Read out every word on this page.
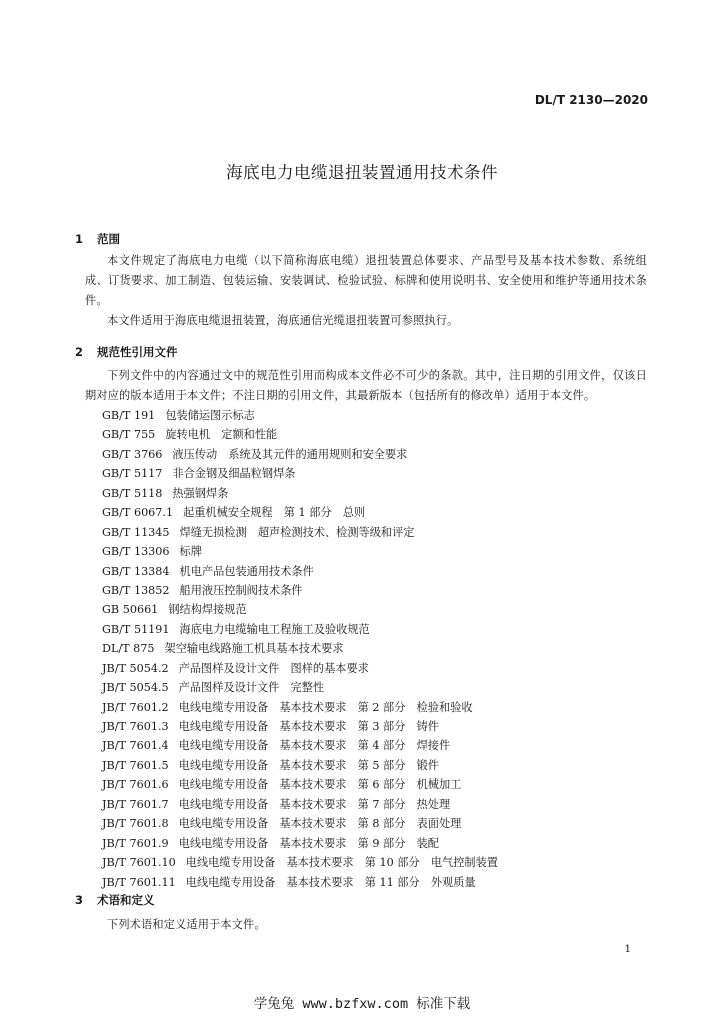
DL/T 2130—2020
海底电力电缆退扭装置通用技术条件
1 范围
本文件规定了海底电力电缆（以下简称海底电缆）退扭装置总体要求、产品型号及基本技术参数、系统组成、订货要求、加工制造、包装运输、安装调试、检验试验、标牌和使用说明书、安全使用和维护等通用技术条件。
本文件适用于海底电缆退扭装置，海底通信光缆退扭装置可参照执行。
2 规范性引用文件
下列文件中的内容通过文中的规范性引用而构成本文件必不可少的条款。其中，注日期的引用文件，仅该日期对应的版本适用于本文件；不注日期的引用文件，其最新版本（包括所有的修改单）适用于本文件。
GB/T 191 包装储运图示标志
GB/T 755 旋转电机　定额和性能
GB/T 3766 液压传动　系统及其元件的通用规则和安全要求
GB/T 5117 非合金钢及细晶粒钢焊条
GB/T 5118 热强钢焊条
GB/T 6067.1 起重机械安全规程　第 1 部分　总则
GB/T 11345 焊缝无损检测　超声检测技术、检测等级和评定
GB/T 13306 标牌
GB/T 13384 机电产品包装通用技术条件
GB/T 13852 船用液压控制阀技术条件
GB 50661 钢结构焊接规范
GB/T 51191 海底电力电缆输电工程施工及验收规范
DL/T 875 架空输电线路施工机具基本技术要求
JB/T 5054.2 产品图样及设计文件　图样的基本要求
JB/T 5054.5 产品图样及设计文件　完整性
JB/T 7601.2 电线电缆专用设备　基本技术要求　第 2 部分　检验和验收
JB/T 7601.3 电线电缆专用设备　基本技术要求　第 3 部分　铸件
JB/T 7601.4 电线电缆专用设备　基本技术要求　第 4 部分　焊接件
JB/T 7601.5 电线电缆专用设备　基本技术要求　第 5 部分　锻件
JB/T 7601.6 电线电缆专用设备　基本技术要求　第 6 部分　机械加工
JB/T 7601.7 电线电缆专用设备　基本技术要求　第 7 部分　热处理
JB/T 7601.8 电线电缆专用设备　基本技术要求　第 8 部分　表面处理
JB/T 7601.9 电线电缆专用设备　基本技术要求　第 9 部分　装配
JB/T 7601.10 电线电缆专用设备　基本技术要求　第 10 部分　电气控制装置
JB/T 7601.11 电线电缆专用设备　基本技术要求　第 11 部分　外观质量
3 术语和定义
下列术语和定义适用于本文件。
1
学兔兔 www.bzfxw.com 标准下载
